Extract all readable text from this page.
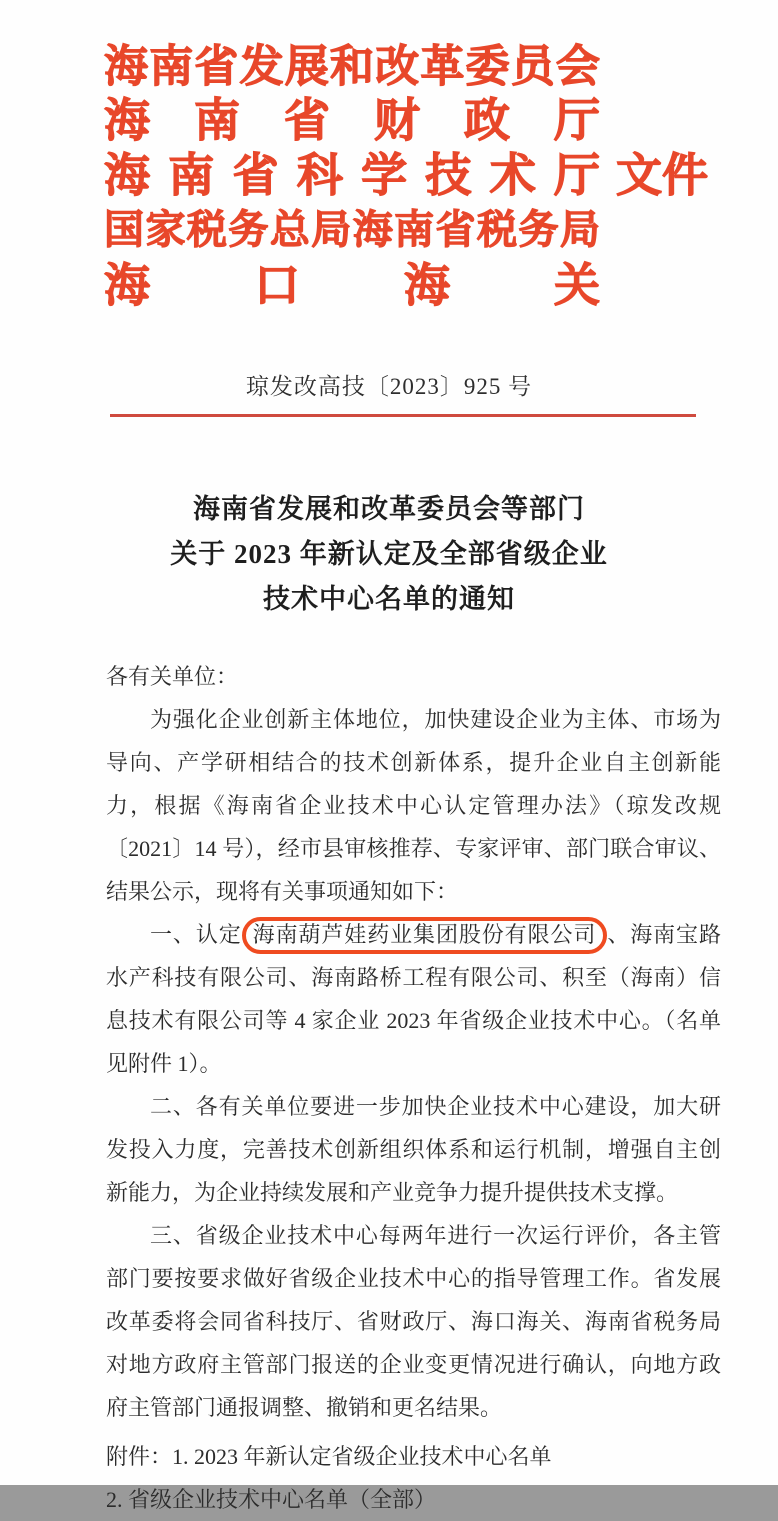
海 南 省 发 展 和 改 革 委 员 会
海 南 省 财 政 厅
海 南 省 科 学 技 术 厅 文件
国 家 税 务 总 局 海 南 省 税 务 局
海 口 海 关
琼发改高技〔2023〕925 号
海南省发展和改革委员会等部门
关于 2023 年新认定及全部省级企业
技术中心名单的通知

各有关单位：

为强化企业创新主体地位，加快建设企业为主体、市场为导向、产学研相结合的技术创新体系，提升企业自主创新能力，根据《海南省企业技术中心认定管理办法》（琼发改规〔2021〕14 号），经市县审核推荐、专家评审、部门联合审议、结果公示，现将有关事项通知如下：

一、认定 海南葫芦娃药业集团股份有限公司 、海南宝路水产科技有限公司、海南路桥工程有限公司、积至（海南）信息技术有限公司等 4 家企业 2023 年省级企业技术中心。（名单见附件 1）。

二、各有关单位要进一步加快企业技术中心建设，加大研发投入力度，完善技术创新组织体系和运行机制，增强自主创新能力，为企业持续发展和产业竞争力提升提供技术支撑。

三、省级企业技术中心每两年进行一次运行评价，各主管部门要按要求做好省级企业技术中心的指导管理工作。省发展改革委将会同省科技厅、省财政厅、海口海关、海南省税务局对地方政府主管部门报送的企业变更情况进行确认，向地方政府主管部门通报调整、撤销和更名结果。

附件：1. 2023 年新认定省级企业技术中心名单

2. 省级企业技术中心名单（全部）
